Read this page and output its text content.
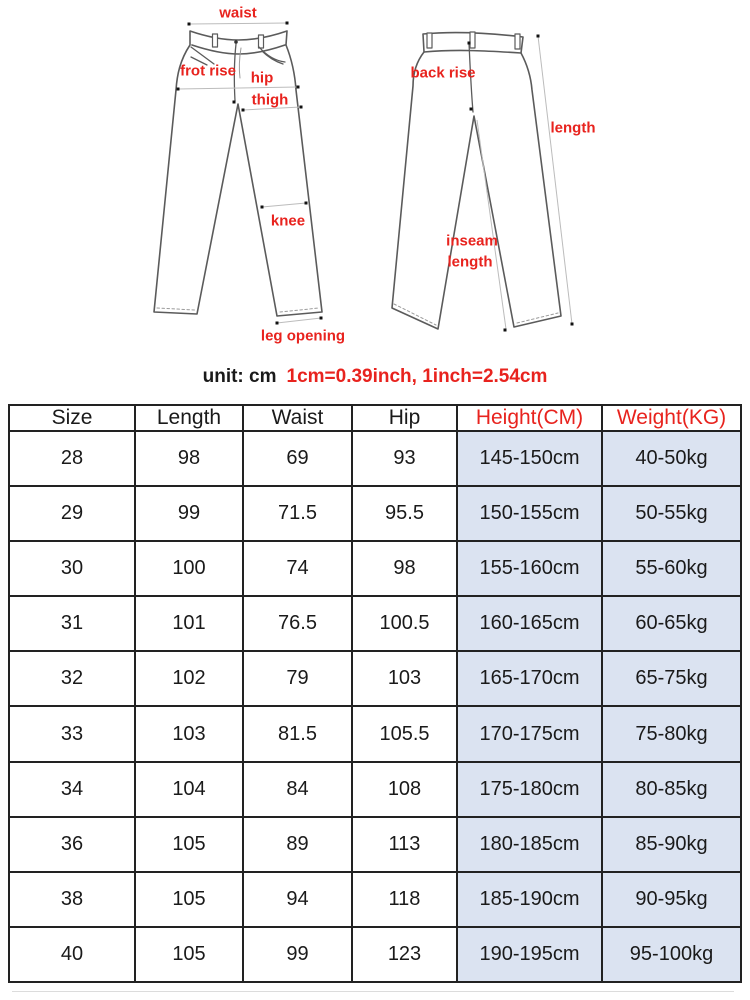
waist
frot rise hip
thigh
knee
leg opening
back rise
length
inseam
length
unit: cm 1cm=0.39inch, 1inch=2.54cm
Size	Length	Waist	Hip	Height(CM)	Weight(KG)
28	98	69	93	145-150cm	40-50kg
29	99	71.5	95.5	150-155cm	50-55kg
30	100	74	98	155-160cm	55-60kg
31	101	76.5	100.5	160-165cm	60-65kg
32	102	79	103	165-170cm	65-75kg
33	103	81.5	105.5	170-175cm	75-80kg
34	104	84	108	175-180cm	80-85kg
36	105	89	113	180-185cm	85-90kg
38	105	94	118	185-190cm	90-95kg
40	105	99	123	190-195cm	95-100kg
